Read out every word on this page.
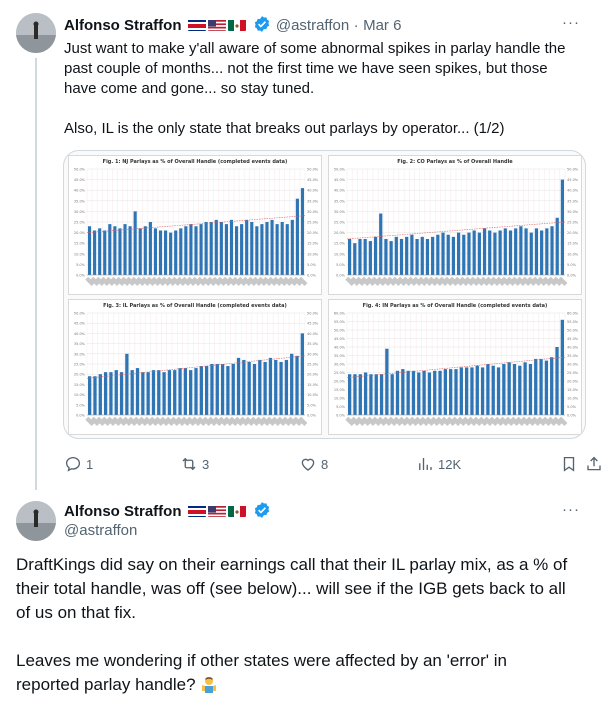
Alfonso Straffon	@astraffon · Mar 6	···
Just want to make y'all aware of some abnormal spikes in parlay handle the
past couple of months... not the first time we have seen spikes, but those
have come and gone... so stay tuned.
Also, IL is the only state that breaks out parlays by operator... (1/2)
Fig. 1: NJ Parlays as % of Overall Handle (completed events data)
0.0%	0.0%
5.0%	5.0%
10.0%	10.0%
15.0%	15.0%
20.0%	20.0%
25.0%	25.0%
30.0%	30.0%
35.0%	35.0%
40.0%	40.0%
45.0%	45.0%
50.0%	50.0%
Fig. 2: CO Parlays as % of Overall Handle
0.0%	0.0%
5.0%	5.0%
10.0%	10.0%
15.0%	15.0%
20.0%	20.0%
25.0%	25.0%
30.0%	30.0%
35.0%	35.0%
40.0%	40.0%
45.0%	45.0%
50.0%	50.0%
Fig. 3: IL Parlays as % of Overall Handle (completed events data)
0.0%	0.0%
5.0%	5.0%
10.0%	10.0%
15.0%	15.0%
20.0%	20.0%
25.0%	25.0%
30.0%	30.0%
35.0%	35.0%
40.0%	40.0%
45.0%	45.0%
50.0%	50.0%
Fig. 4: IN Parlays as % of Overall Handle (completed events data)
0.0%	0.0%
5.0%	5.0%
10.0%	10.0%
15.0%	15.0%
20.0%	20.0%
25.0%	25.0%
30.0%	30.0%
35.0%	35.0%
40.0%	40.0%
45.0%	45.0%
50.0%	50.0%
55.0%	55.0%
60.0%	60.0%
1	3	8	12K
Alfonso Straffon
@astraffon
···
DraftKings did say on their earnings call that their IL parlay mix, as a % of
their total handle, was off (see below)... will see if the IGB gets back to all
of us on that fix.
Leaves me wondering if other states were affected by an 'error' in
reported parlay handle?
